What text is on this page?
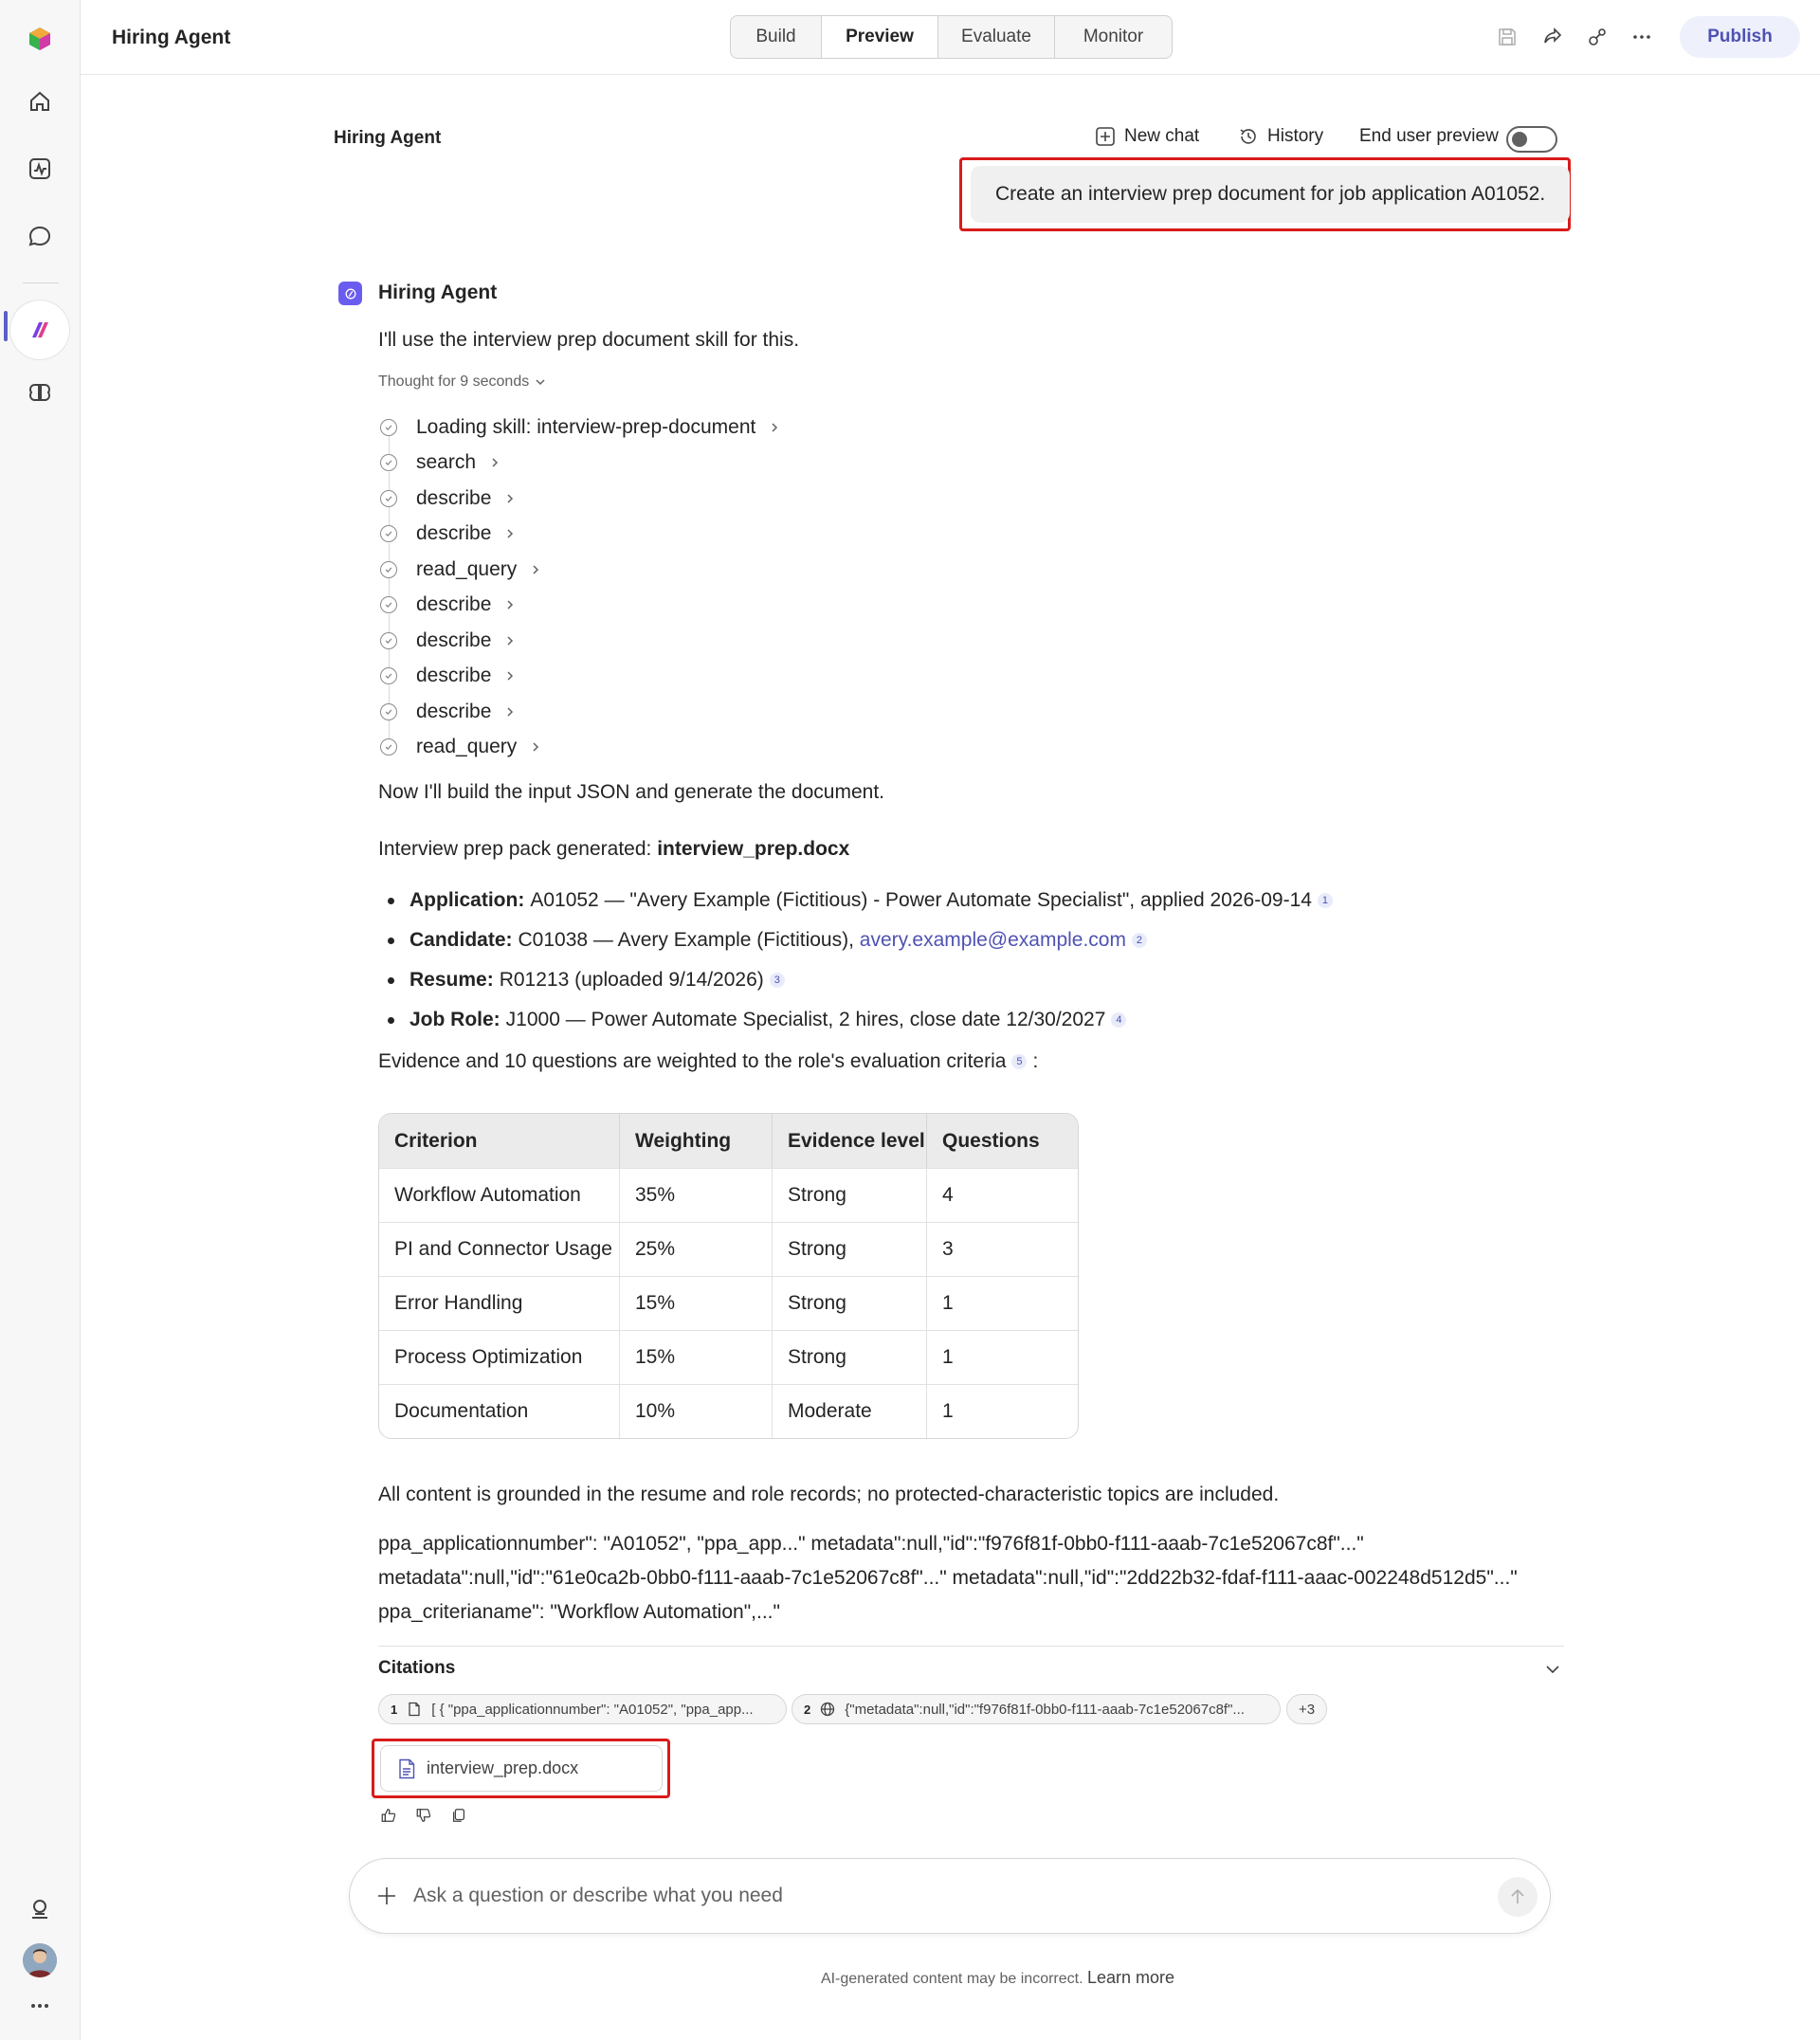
Hiring Agent	Build	Preview	Evaluate	Monitor	Publish
Hiring Agent	New chat	History End user preview
Create an interview prep document for job application A01052.
Hiring Agent
I'll use the interview prep document skill for this.
Thought for 9 seconds
Loading skill: interview-prep-document
search
describe
describe
read_query
describe
describe
describe
describe
read_query
Now I'll build the input JSON and generate the document.
Interview prep pack generated: interview_prep.docx
Application: A01052 — "Avery Example (Fictitious) - Power Automate Specialist", applied 2026-09-14 1
Candidate: C01038 — Avery Example (Fictitious), avery.example@example.com 2
Resume: R01213 (uploaded 9/14/2026) 3
Job Role: J1000 — Power Automate Specialist, 2 hires, close date 12/30/2027 4
Evidence and 10 questions are weighted to the role's evaluation criteria 5 :
Criterion	Weighting	Evidence level	Questions
Workflow Automation	35%	Strong	4
PI and Connector Usage	25%	Strong	3
Error Handling	15%	Strong	1
Process Optimization	15%	Strong	1
Documentation	10%	Moderate	1
All content is grounded in the resume and role records; no protected-characteristic topics are included.
ppa_applicationnumber": "A01052", "ppa_app..." metadata":null,"id":"f976f81f-0bb0-f111-aaab-7c1e52067c8f"..."
metadata":null,"id":"61e0ca2b-0bb0-f111-aaab-7c1e52067c8f"..." metadata":null,"id":"2dd22b32-fdaf-f111-aaac-002248d512d5"..."
ppa_criterianame": "Workflow Automation",..."
Citations
1 [ { "ppa_applicationnumber": "A01052", "ppa_app...	2 {"metadata":null,"id":"f976f81f-0bb0-f111-aaab-7c1e52067c8f"...	+3
interview_prep.docx
Ask a question or describe what you need
AI-generated content may be incorrect. Learn more
